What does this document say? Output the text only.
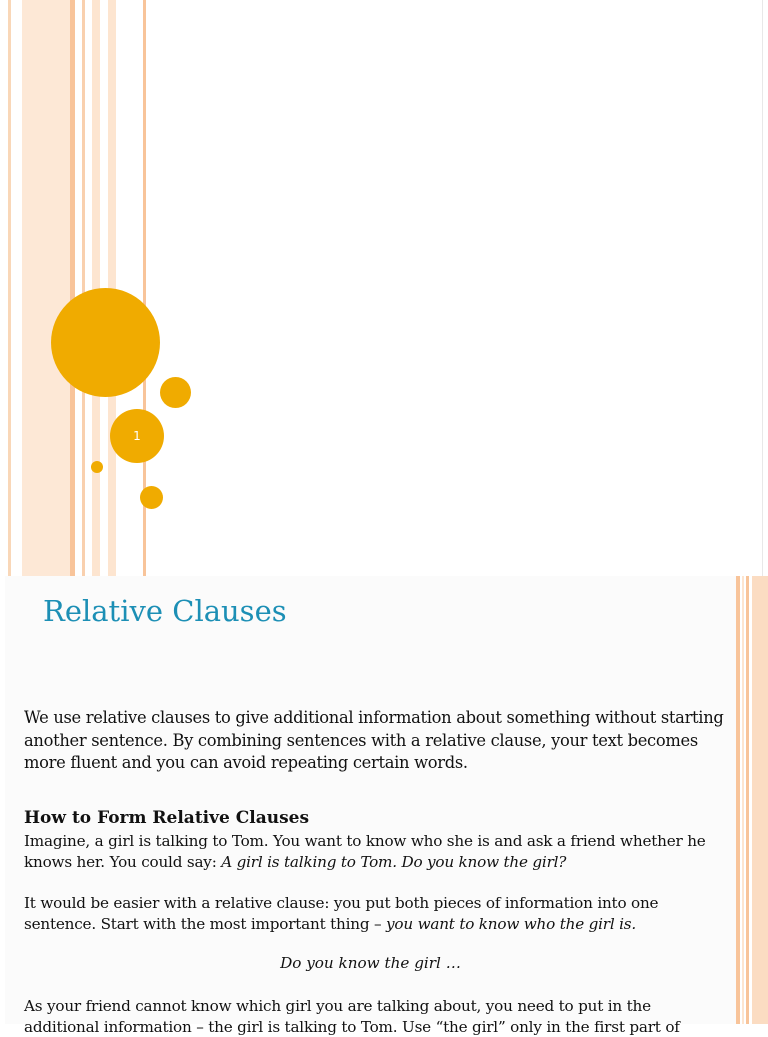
1
Relative Clauses

We use relative clauses to give additional information about something without starting another sentence. By combining sentences with a relative clause, your text becomes more fluent and you can avoid repeating certain words.

How to Form Relative Clauses

Imagine, a girl is talking to Tom. You want to know who she is and ask a friend whether he knows her. You could say: A girl is talking to Tom. Do you know the girl?

It would be easier with a relative clause: you put both pieces of information into one sentence. Start with the most important thing – you want to know who the girl is.

Do you know the girl …

As your friend cannot know which girl you are talking about, you need to put in the
additional information – the girl is talking to Tom. Use “the girl” only in the first part of
